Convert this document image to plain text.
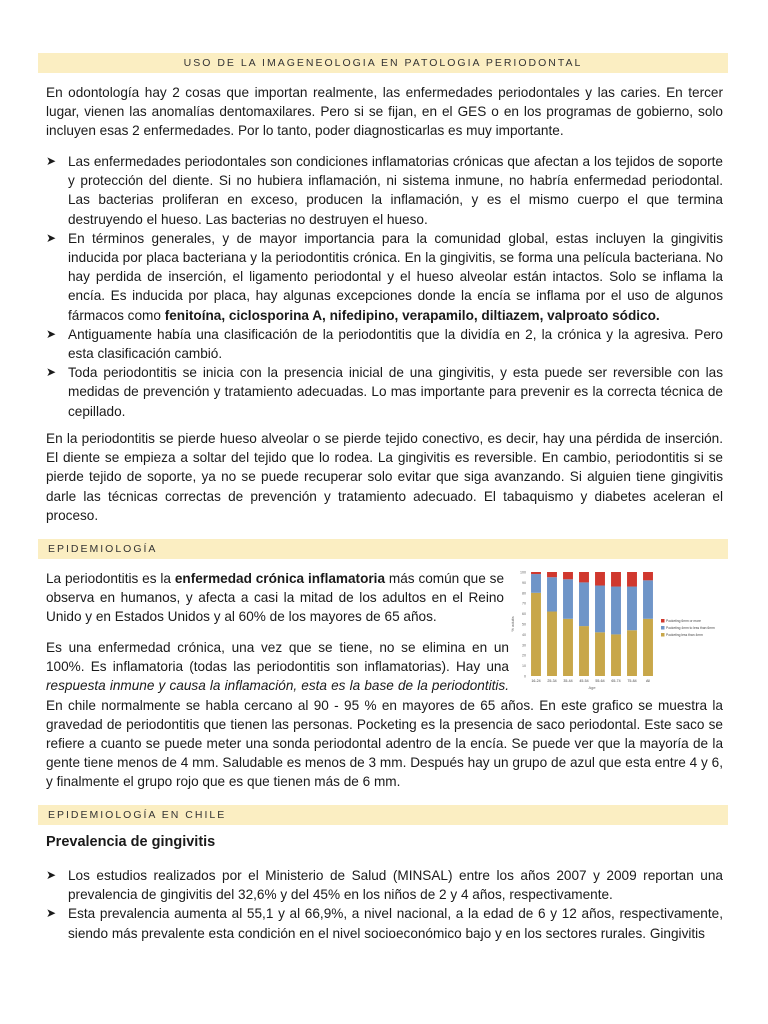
USO DE LA IMAGENEOLOGIA EN PATOLOGIA PERIODONTAL

En odontología hay 2 cosas que importan realmente, las enfermedades periodontales y las caries. En tercer lugar, vienen las anomalías dentomaxilares. Pero si se fijan, en el GES o en los programas de gobierno, solo incluyen esas 2 enfermedades. Por lo tanto, poder diagnosticarlas es muy importante.

➤ Las enfermedades periodontales son condiciones inflamatorias crónicas que afectan a los tejidos de soporte y protección del diente. Si no hubiera inflamación, ni sistema inmune, no habría enfermedad periodontal. Las bacterias proliferan en exceso, producen la inflamación, y es el mismo cuerpo el que termina destruyendo el hueso. Las bacterias no destruyen el hueso.
➤ En términos generales, y de mayor importancia para la comunidad global, estas incluyen la gingivitis inducida por placa bacteriana y la periodontitis crónica. En la gingivitis, se forma una película bacteriana. No hay perdida de inserción, el ligamento periodontal y el hueso alveolar están intactos. Solo se inflama la encía. Es inducida por placa, hay algunas excepciones donde la encía se inflama por el uso de algunos fármacos como fenitoína, ciclosporina A, nifedipino, verapamilo, diltiazem, valproato sódico.
➤ Antiguamente había una clasificación de la periodontitis que la dividía en 2, la crónica y la agresiva. Pero esta clasificación cambió.
➤ Toda periodontitis se inicia con la presencia inicial de una gingivitis, y esta puede ser reversible con las medidas de prevención y tratamiento adecuadas. Lo mas importante para prevenir es la correcta técnica de cepillado.

En la periodontitis se pierde hueso alveolar o se pierde tejido conectivo, es decir, hay una pérdida de inserción. El diente se empieza a soltar del tejido que lo rodea. La gingivitis es reversible. En cambio, periodontitis si se pierde tejido de soporte, ya no se puede recuperar solo evitar que siga avanzando. Si alguien tiene gingivitis darle las técnicas correctas de prevención y tratamiento adecuado. El tabaquismo y diabetes aceleran el proceso.

EPIDEMIOLOGÍA

La periodontitis es la enfermedad crónica inflamatoria más común que se observa en humanos, y afecta a casi la mitad de los adultos en el Reino Unido y en Estados Unidos y al 60% de los mayores de 65 años.	% adults
Age
0
10
20
30
40
50
60
70
80
90
100
16-24 25-34 35-44 45-54 55-64 65-74 75-84	All
Pocketing 6mm or more
Pocketing 4mm to less than 6mm
Pocketing less than 4mm

Es una enfermedad crónica, una vez que se tiene, no se elimina en un 100%. Es inflamatoria (todas las periodontitis son inflamatorias). Hay una respuesta inmune y causa la inflamación, esta es la base de la periodontitis. En chile normalmente se habla cercano al 90 - 95 % en mayores de 65 años. En este grafico se muestra la gravedad de periodontitis que tienen las personas. Pocketing es la presencia de saco periodontal. Este saco se refiere a cuanto se puede meter una sonda periodontal adentro de la encía. Se puede ver que la mayoría de la gente tiene menos de 4 mm. Saludable es menos de 3 mm. Después hay un grupo de azul que esta entre 4 y 6, y finalmente el grupo rojo que es que tienen más de 6 mm.

EPIDEMIOLOGÍA EN CHILE

Prevalencia de gingivitis

➤ Los estudios realizados por el Ministerio de Salud (MINSAL) entre los años 2007 y 2009 reportan una prevalencia de gingivitis del 32,6% y del 45% en los niños de 2 y 4 años, respectivamente.
➤ Esta prevalencia aumenta al 55,1 y al 66,9%, a nivel nacional, a la edad de 6 y 12 años, respectivamente, siendo más prevalente esta condición en el nivel socioeconómico bajo y en los sectores rurales. Gingivitis
